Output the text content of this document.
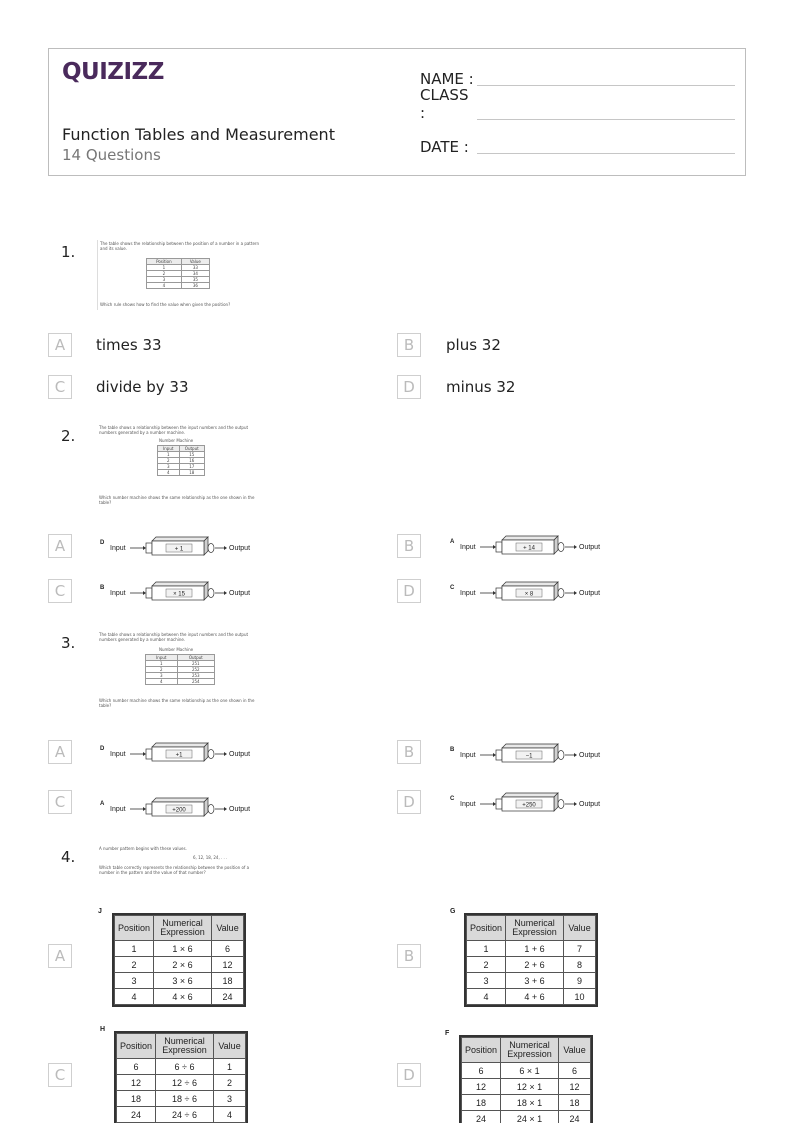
QUIZIZZ
Function Tables and Measurement
14 Questions
NAME :
CLASS :
DATE :
1.	The table shows the relationship between the position of a number in a pattern and its value.
Position	Value
1	33
2	34
3	35
4	36
Which rule shows how to find the value when given the position?
A	times 33	B	plus 32
C	divide by 33	D	minus 32
2.	The table shows a relationship between the input numbers and the output numbers generated by a number machine.
Number Machine
Input	Output
1	15
2	16
3	17
4	18
Which number machine shows the same relationship as the one shown in the table?
A	D
Input	+ 1	Output	B	A
Input	+ 14	Output
C	B
Input	× 15	Output	D	C
Input	× 8	Output
3.	The table shows a relationship between the input numbers and the output numbers generated by a number machine.
Number Machine
Input	Output
1	251
2	252
3	253
4	254
Which number machine shows the same relationship as the one shown in the table?
A	D
Input	+1	Output	B	B
Input	−1	Output
C	A
Input	+200	Output	D	C
Input	+250	Output
4.	A number pattern begins with these values.
6, 12, 18, 24, . . .
Which table correctly represents the relationship between the position of a number in the pattern and the value of that number?
A
J
Position	Numerical Expression	Value
1	1 × 6	6
2	2 × 6	12
3	3 × 6	18
4	4 × 6	24
B
G
Position	Numerical Expression	Value
1	1 + 6	7
2	2 + 6	8
3	3 + 6	9
4	4 + 6	10
C
H
Position	Numerical Expression	Value
6	6 ÷ 6	1
12	12 ÷ 6	2
18	18 ÷ 6	3
24	24 ÷ 6	4
D
F
Position	Numerical Expression	Value
6	6 × 1	6
12	12 × 1	12
18	18 × 1	18
24	24 × 1	24
